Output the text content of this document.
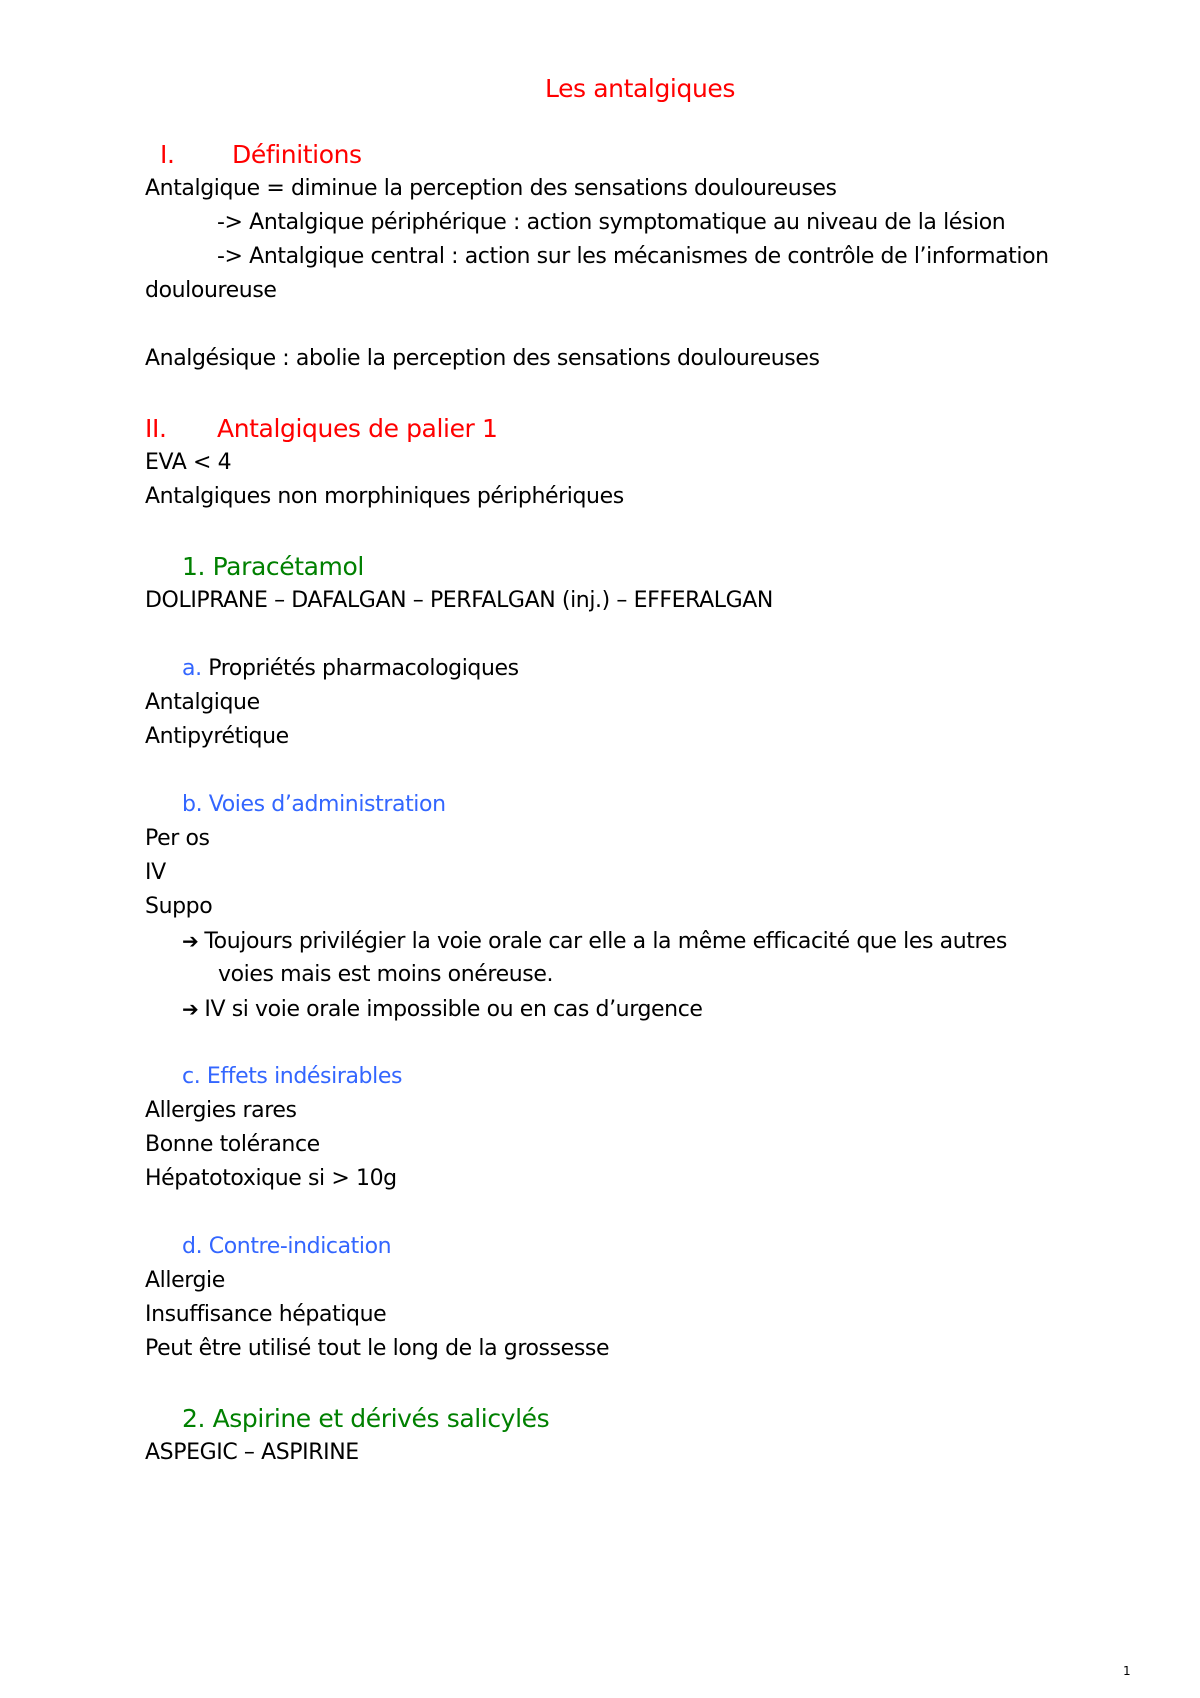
Les antalgiques
I. Définitions
Antalgique = diminue la perception des sensations douloureuses
-> Antalgique périphérique : action symptomatique au niveau de la lésion
-> Antalgique central : action sur les mécanismes de contrôle de l’information
douloureuse
Analgésique : abolie la perception des sensations douloureuses
II. Antalgiques de palier 1
EVA < 4
Antalgiques non morphiniques périphériques
1. Paracétamol
DOLIPRANE – DAFALGAN – PERFALGAN (inj.) – EFFERALGAN
a. Propriétés pharmacologiques
Antalgique
Antipyrétique
b. Voies d’administration
Per os
IV
Suppo
➔ Toujours privilégier la voie orale car elle a la même efficacité que les autres
voies mais est moins onéreuse.
➔ IV si voie orale impossible ou en cas d’urgence
c. Effets indésirables
Allergies rares
Bonne tolérance
Hépatotoxique si > 10g
d. Contre-indication
Allergie
Insuffisance hépatique
Peut être utilisé tout le long de la grossesse
2. Aspirine et dérivés salicylés
ASPEGIC – ASPIRINE
1
